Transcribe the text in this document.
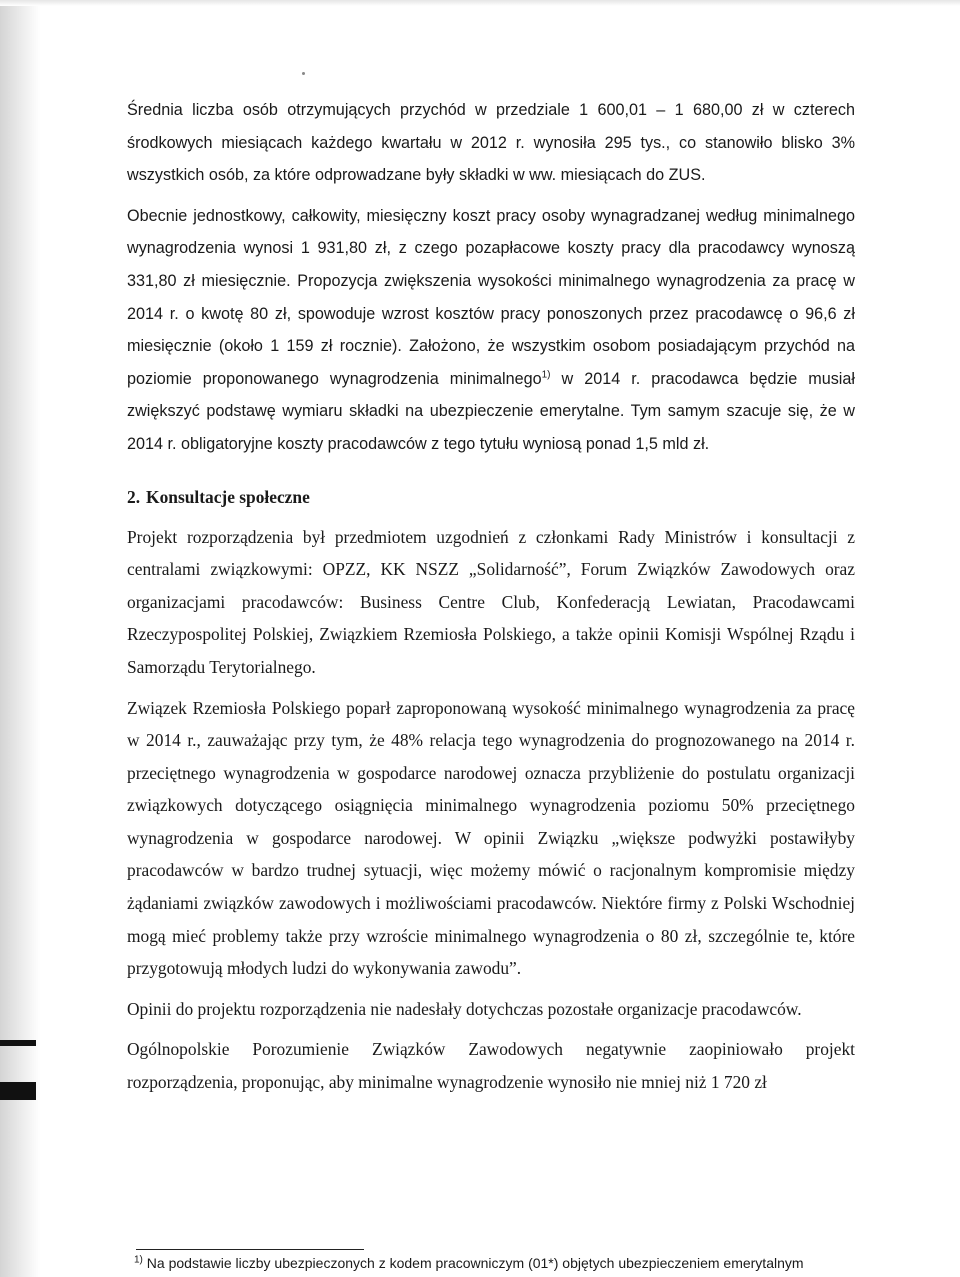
Średnia liczba osób otrzymujących przychód w przedziale 1 600,01 – 1 680,00 zł w czterech środkowych miesiącach każdego kwartału w 2012 r. wynosiła 295 tys., co stanowiło blisko 3% wszystkich osób, za które odprowadzane były składki w ww. miesiącach do ZUS.

Obecnie jednostkowy, całkowity, miesięczny koszt pracy osoby wynagradzanej według minimalnego wynagrodzenia wynosi 1 931,80 zł, z czego pozapłacowe koszty pracy dla pracodawcy wynoszą 331,80 zł miesięcznie. Propozycja zwiększenia wysokości minimalnego wynagrodzenia za pracę w 2014 r. o kwotę 80 zł, spowoduje wzrost kosztów pracy ponoszonych przez pracodawcę o 96,6 zł miesięcznie (około 1 159 zł rocznie). Założono, że wszystkim osobom posiadającym przychód na poziomie proponowanego wynagrodzenia minimalnego$^{1)}$ w 2014 r. pracodawca będzie musiał zwiększyć podstawę wymiaru składki na ubezpieczenie emerytalne. Tym samym szacuje się, że w 2014 r. obligatoryjne koszty pracodawców z tego tytułu wyniosą ponad 1,5 mld zł.

2. Konsultacje społeczne

Projekt rozporządzenia był przedmiotem uzgodnień z członkami Rady Ministrów i konsultacji z centralami związkowymi: OPZZ, KK NSZZ „Solidarność”, Forum Związków Zawodowych oraz organizacjami pracodawców: Business Centre Club, Konfederacją Lewiatan, Pracodawcami Rzeczypospolitej Polskiej, Związkiem Rzemiosła Polskiego, a także opinii Komisji Wspólnej Rządu i Samorządu Terytorialnego.

Związek Rzemiosła Polskiego poparł zaproponowaną wysokość minimalnego wynagrodzenia za pracę w 2014 r., zauważając przy tym, że 48% relacja tego wynagrodzenia do prognozowanego na 2014 r. przeciętnego wynagrodzenia w gospodarce narodowej oznacza przybliżenie do postulatu organizacji związkowych dotyczącego osiągnięcia minimalnego wynagrodzenia poziomu 50% przeciętnego wynagrodzenia w gospodarce narodowej. W opinii Związku „większe podwyżki postawiłyby pracodawców w bardzo trudnej sytuacji, więc możemy mówić o racjonalnym kompromisie między żądaniami związków zawodowych i możliwościami pracodawców. Niektóre firmy z Polski Wschodniej mogą mieć problemy także przy wzroście minimalnego wynagrodzenia o 80 zł, szczególnie te, które przygotowują młodych ludzi do wykonywania zawodu”.

Opinii do projektu rozporządzenia nie nadesłały dotychczas pozostałe organizacje pracodawców.

Ogólnopolskie Porozumienie Związków Zawodowych negatywnie zaopiniowało projekt rozporządzenia, proponując, aby minimalne wynagrodzenie wynosiło nie mniej niż 1 720 zł

$^{1)}$ Na podstawie liczby ubezpieczonych z kodem pracowniczym (01*) objętych ubezpieczeniem emerytalnym
